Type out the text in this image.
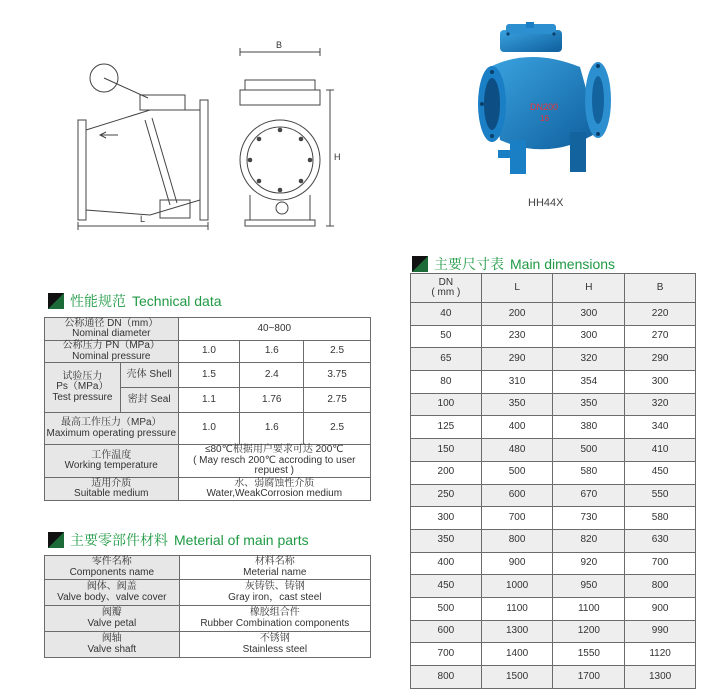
B
H
L
DN200
16
HH44X
性能规范 Technical data
公称通径 DN（mm）
Nominal diameter		40~800		

公称压力 PN（MPa）
Nominal pressure		1.0	1.6	2.5

试验压力
Ps（MPa）
Test pressure	壳体 Shell	1.5	2.4	3.75
	密封 Seal	1.1	1.76	2.75

最高工作压力（MPa）
Maximum operating pressure		1.0	1.6	2.5

工作温度
Working temperature		≤80℃根据用户要求可达 200℃
( May resch 200℃ accroding to user repuest )		

适用介质
Suitable medium		水、弱腐蚀性介质
Water,WeakCorrosion medium		
主要零部件材料 Meterial of main parts
零件名称
Components name	材料名称
Meterial name

阀体、阀盖
Valve body、valve cover	灰铸铁、铸钢
Gray iron，cast steel

阀瓣
Valve petal	橡胶组合件
Rubber Combination components

阀轴
Valve shaft	不锈钢
Stainless steel
主要尺寸表 Main dimensions
DN
( mm )	L	H	B
40	200	300	220
50	230	300	270
65	290	320	290
80	310	354	300
100	350	350	320
125	400	380	340
150	480	500	410
200	500	580	450
250	600	670	550
300	700	730	580
350	800	820	630
400	900	920	700
450	1000	950	800
500	1100	1100	900
600	1300	1200	990
700	1400	1550	1120
800	1500	1700	1300
